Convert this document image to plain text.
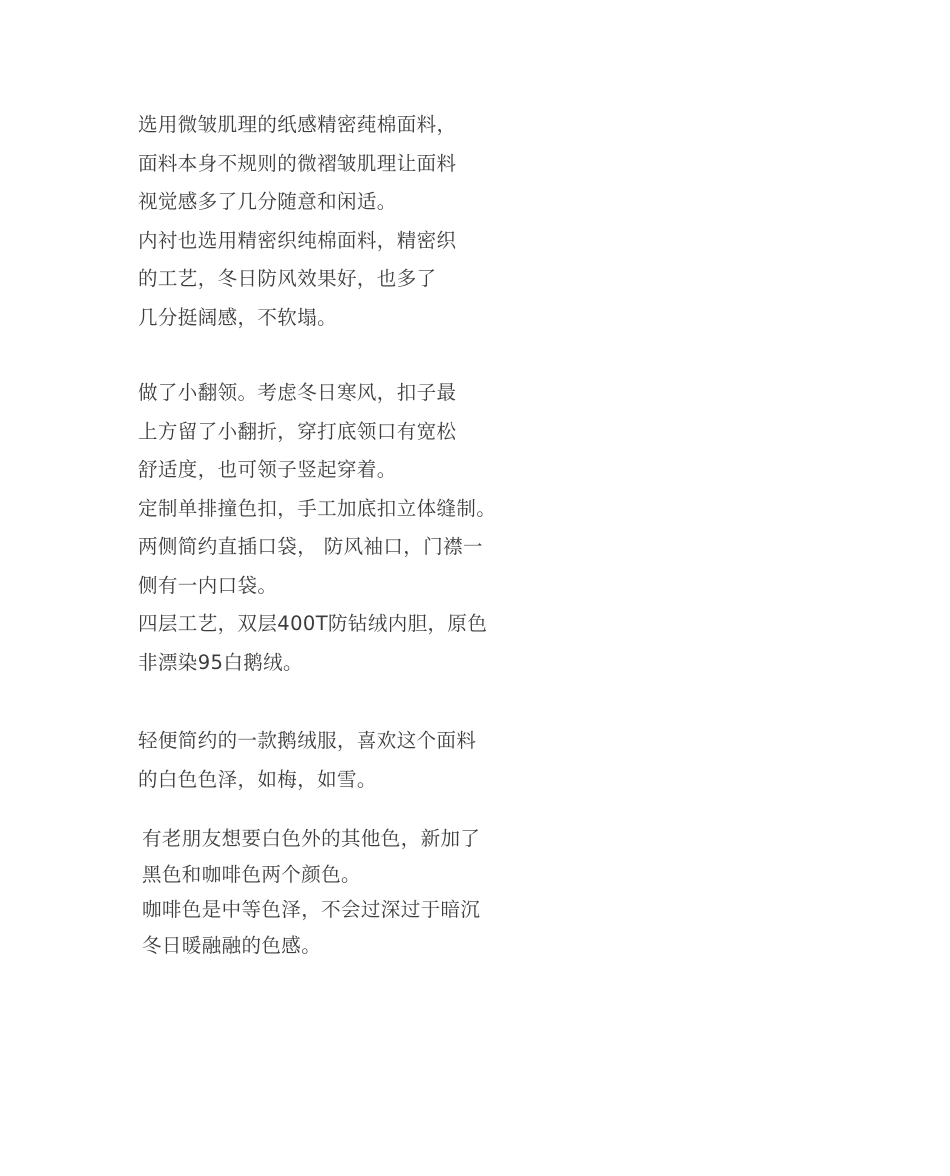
选用微皱肌理的纸感精密莼棉面料，
面料本身不规则的微褶皱肌理让面料
视觉感多了几分随意和闲适。
内衬也选用精密织纯棉面料，精密织
的工艺，冬日防风效果好，也多了
几分挺阔感，不软塌。
做了小翻领。考虑冬日寒风，扣子最
上方留了小翻折，穿打底领口有宽松
舒适度，也可领子竖起穿着。
定制单排撞色扣，手工加底扣立体缝制。
两侧简约直插口袋， 防风袖口，门襟一
侧有一内口袋。
四层工艺，双层400T防钻绒内胆，原色
非漂染95白鹅绒。
轻便简约的一款鹅绒服，喜欢这个面料
的白色色泽，如梅，如雪。
有老朋友想要白色外的其他色，新加了
黑色和咖啡色两个颜色。
咖啡色是中等色泽，不会过深过于暗沉
冬日暖融融的色感。
